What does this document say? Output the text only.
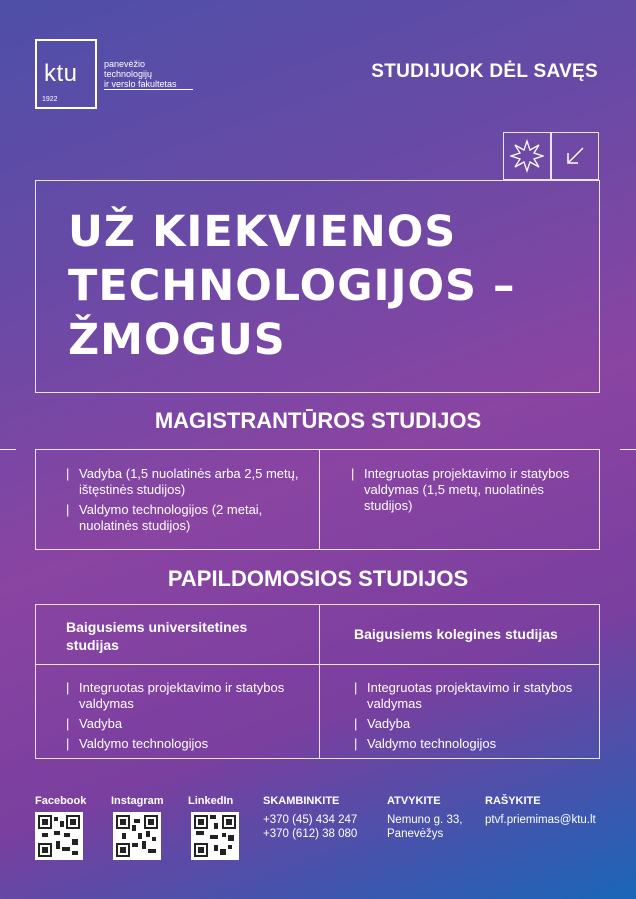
ktu
1922
panevėžio
technologijų
ir verslo fakultetas
STUDIJUOK DĖL SAVĘS
UŽ KIEKVIENOS
TECHNOLOGIJOS –
ŽMOGUS
MAGISTRANTŪROS STUDIJOS
| Vadyba (1,5 nuolatinės arba 2,5 metų, ištęstinės studijos)
| Valdymo technologijos (2 metai, nuolatinės studijos)
| Integruotas projektavimo ir statybos valdymas (1,5 metų, nuolatinės studijos)
PAPILDOMOSIOS STUDIJOS
Baigusiems universitetines studijas
Baigusiems kolegines studijas
| Integruotas projektavimo ir statybos valdymas
| Vadyba
| Valdymo technologijos
| Integruotas projektavimo ir statybos valdymas
| Vadyba
| Valdymo technologijos
Facebook Instagram LinkedIn	SKAMBINKITE
+370 (45) 434 247
+370 (612) 38 080
ATVYKITE
Nemuno g. 33,
Panevėžys
RAŠYKITE
ptvf.priemimas@ktu.lt
